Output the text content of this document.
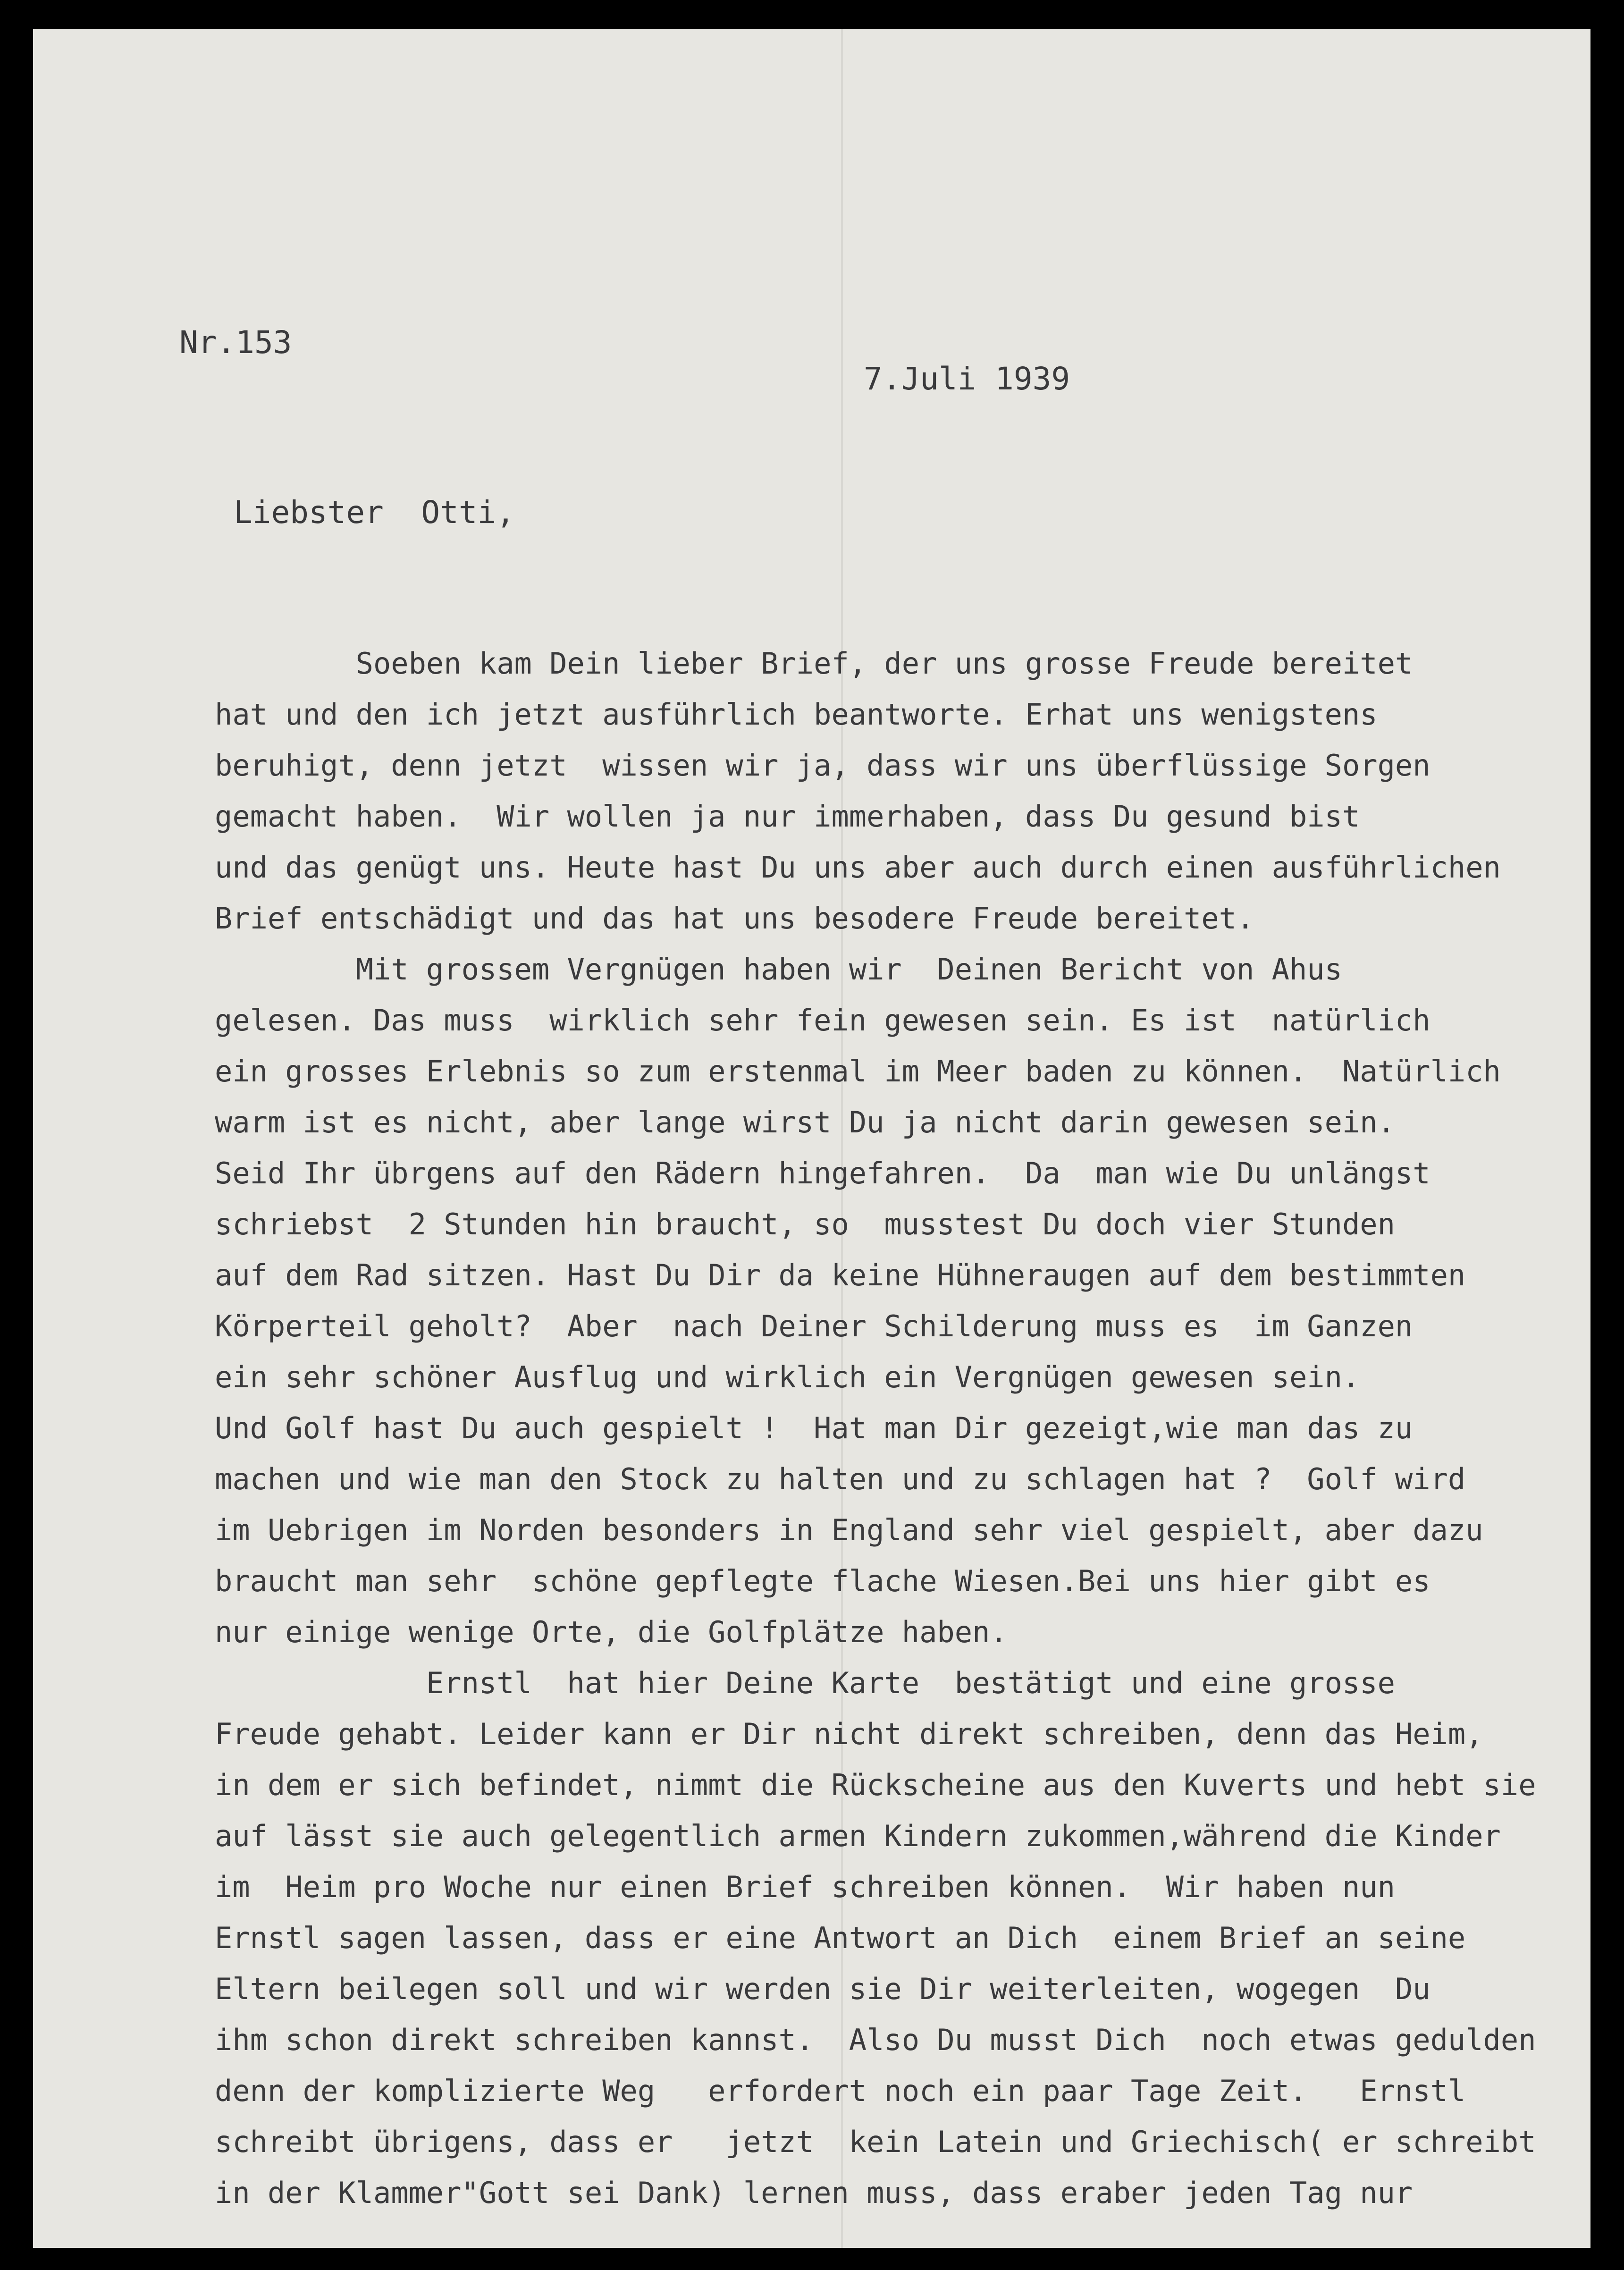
Nr.153

7.Juli 1939

Liebster  Otti,
Soeben kam Dein lieber Brief, der uns grosse Freude bereitet
hat und den ich jetzt ausführlich beantworte. Erhat uns wenigstens
beruhigt, denn jetzt  wissen wir ja, dass wir uns überflüssige Sorgen
gemacht haben.  Wir wollen ja nur immerhaben, dass Du gesund bist
und das genügt uns. Heute hast Du uns aber auch durch einen ausführlichen
Brief entschädigt und das hat uns besodere Freude bereitet.
Mit grossem Vergnügen haben wir  Deinen Bericht von Ahus
gelesen. Das muss  wirklich sehr fein gewesen sein. Es ist  natürlich
ein grosses Erlebnis so zum erstenmal im Meer baden zu können.  Natürlich
warm ist es nicht, aber lange wirst Du ja nicht darin gewesen sein.
Seid Ihr übrgens auf den Rädern hingefahren.  Da  man wie Du unlängst
schriebst  2 Stunden hin braucht, so  musstest Du doch vier Stunden
auf dem Rad sitzen. Hast Du Dir da keine Hühneraugen auf dem bestimmten
Körperteil geholt?  Aber  nach Deiner Schilderung muss es  im Ganzen
ein sehr schöner Ausflug und wirklich ein Vergnügen gewesen sein.
Und Golf hast Du auch gespielt !  Hat man Dir gezeigt,wie man das zu
machen und wie man den Stock zu halten und zu schlagen hat ?  Golf wird
im Uebrigen im Norden besonders in England sehr viel gespielt, aber dazu
braucht man sehr  schöne gepflegte flache Wiesen.Bei uns hier gibt es
nur einige wenige Orte, die Golfplätze haben.
Ernstl  hat hier Deine Karte  bestätigt und eine grosse
Freude gehabt. Leider kann er Dir nicht direkt schreiben, denn das Heim,
in dem er sich befindet, nimmt die Rückscheine aus den Kuverts und hebt sie
auf lässt sie auch gelegentlich armen Kindern zukommen,während die Kinder
im  Heim pro Woche nur einen Brief schreiben können.  Wir haben nun
Ernstl sagen lassen, dass er eine Antwort an Dich  einem Brief an seine
Eltern beilegen soll und wir werden sie Dir weiterleiten, wogegen  Du
ihm schon direkt schreiben kannst.  Also Du musst Dich  noch etwas gedulden
denn der komplizierte Weg   erfordert noch ein paar Tage Zeit.   Ernstl
schreibt übrigens, dass er   jetzt  kein Latein und Griechisch( er schreibt
in der Klammer"Gott sei Dank) lernen muss, dass eraber jeden Tag nur
